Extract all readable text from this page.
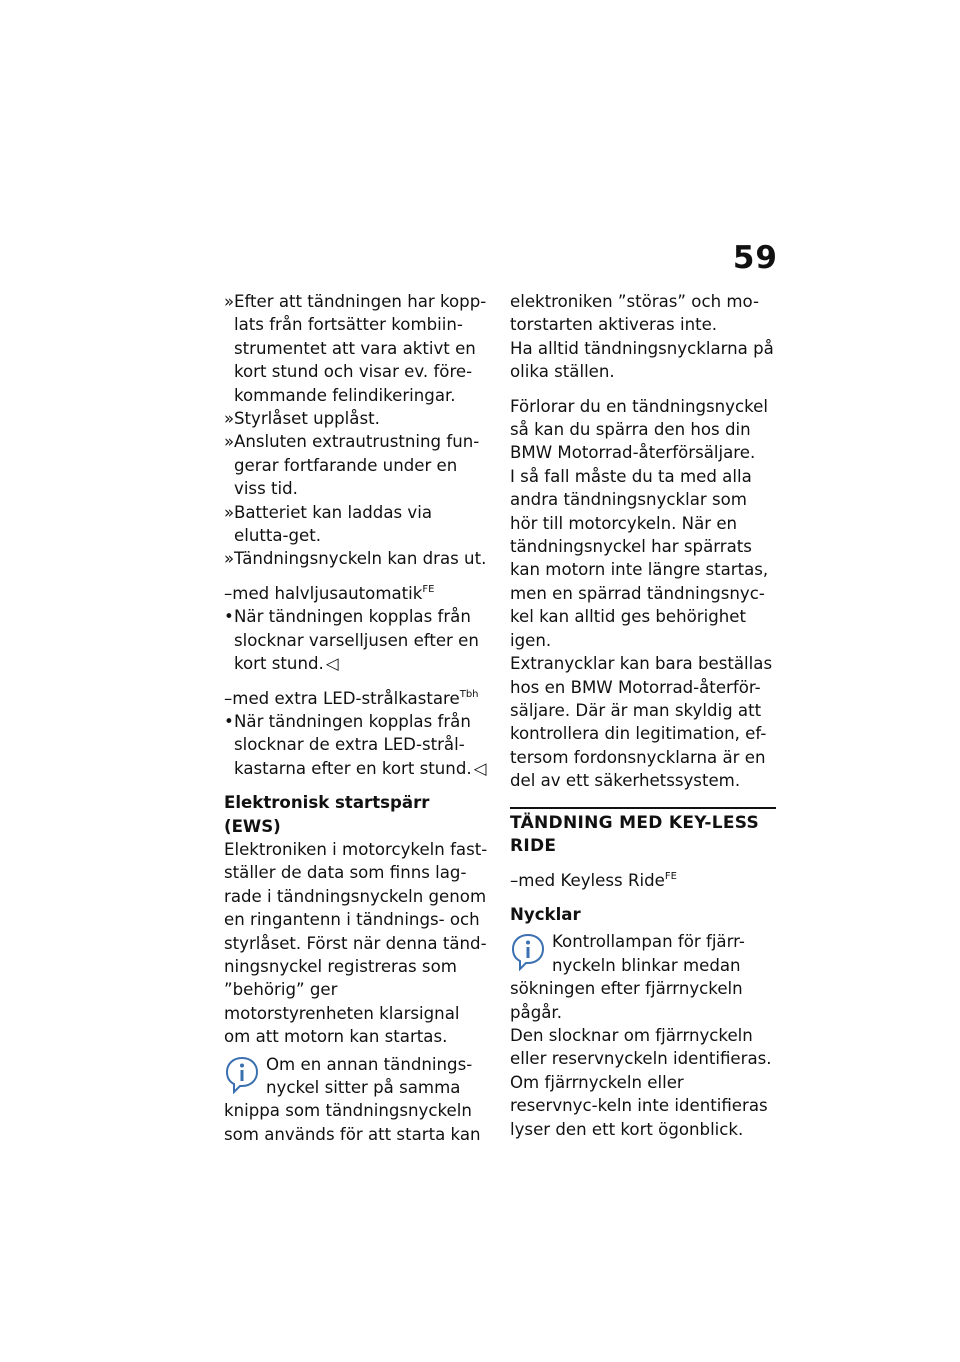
59

» Efter att tändningen har kopp-lats från fortsätter kombiin-strumentet att vara aktivt en kort stund och visar ev. före-kommande felindikeringar.

» Styrlåset upplåst.

» Ansluten extrautrustning fun-gerar fortfarande under en viss tid.

» Batteriet kan laddas via elutta-get.

» Tändningsnyckeln kan dras ut.

–med halvljusautomatik$^{FE}$

• När tändningen kopplas från slocknar varselljusen efter en kort stund. ◁

–med extra LED-strålkastare$^{Tbh}$

• När tändningen kopplas från slocknar de extra LED-strål-kastarna efter en kort stund. ◁

Elektronisk startspärr (EWS)

Elektroniken i motorcykeln fast-ställer de data som finns lag-rade i tändningsnyckeln genom en ringantenn i tändnings- och styrlåset. Först när denna tänd-ningsnyckel registreras som ”behörig” ger motorstyrenheten klarsignal om att motorn kan startas.

Om en annan tändnings-nyckel sitter på samma knippa som tändningsnyckeln som används för att starta kan

elektroniken ”störas” och mo-torstarten aktiveras inte.

Ha alltid tändningsnycklarna på olika ställen.

Förlorar du en tändningsnyckel så kan du spärra den hos din BMW Motorrad-återförsäljare.

I så fall måste du ta med alla andra tändningsnycklar som hör till motorcykeln. När en tändningsnyckel har spärrats kan motorn inte längre startas, men en spärrad tändningsnyc-kel kan alltid ges behörighet igen.

Extranycklar kan bara beställas hos en BMW Motorrad-återför-säljare. Där är man skyldig att kontrollera din legitimation, ef-tersom fordonsnycklarna är en del av ett säkerhetssystem.

TÄNDNING MED KEY-LESS RIDE

–med Keyless Ride$^{FE}$

Nycklar

Kontrollampan för fjärr-nyckeln blinkar medan sökningen efter fjärrnyckeln pågår.

Den slocknar om fjärrnyckeln eller reservnyckeln identifieras. Om fjärrnyckeln eller reservnyc-keln inte identifieras lyser den ett kort ögonblick.
